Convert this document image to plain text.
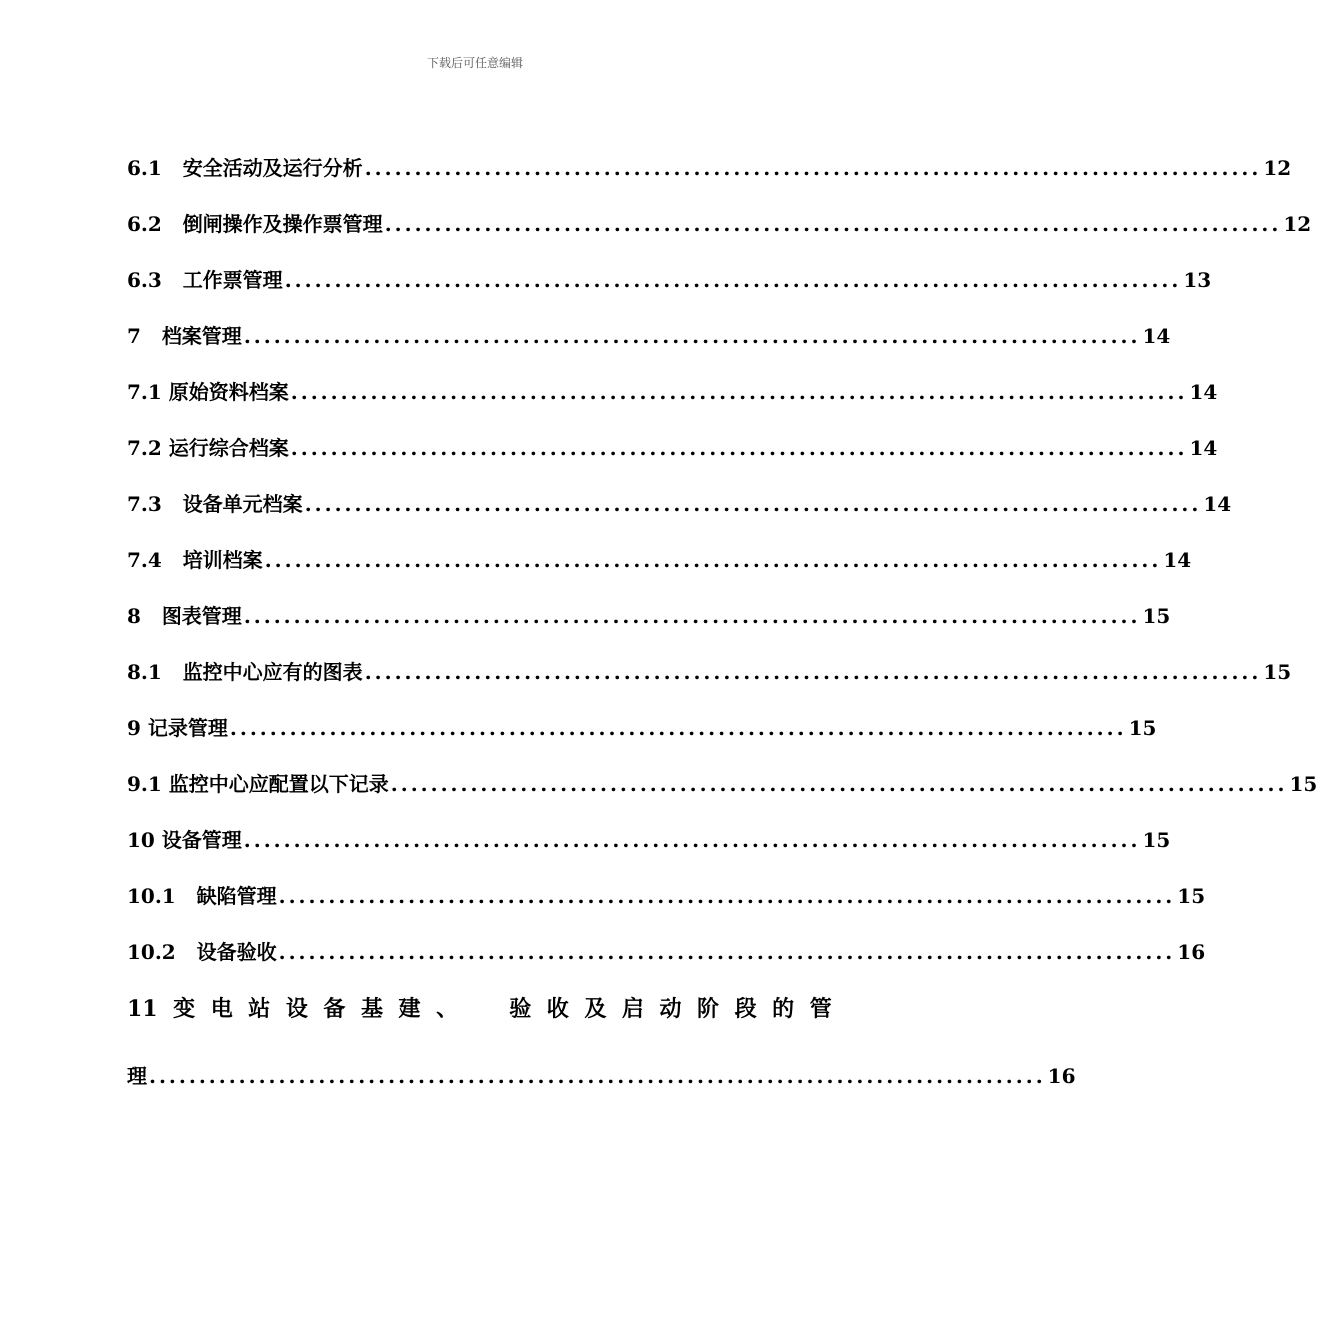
下载后可任意编辑
6.1 安全活动及运行分析 .......................................................................................... 12
6.2 倒闸操作及操作票管理 .......................................................................................... 12
6.3 工作票管理 .......................................................................................... 13
7 档案管理 .......................................................................................... 14
7.1 原始资料档案 .......................................................................................... 14
7.2 运行综合档案 .......................................................................................... 14
7.3 设备单元档案 .......................................................................................... 14
7.4 培训档案 .......................................................................................... 14
8 图表管理 .......................................................................................... 15
8.1 监控中心应有的图表 .......................................................................................... 15
9 记录管理 .......................................................................................... 15
9.1 监控中心应配置以下记录 .......................................................................................... 15
10 设备管理 .......................................................................................... 15
10.1 缺陷管理 .......................................................................................... 15
10.2 设备验收 .......................................................................................... 16
11 变 电 站 设 备 基 建 、 验 收 及 启 动 阶 段 的 管
理 .......................................................................................... 16
